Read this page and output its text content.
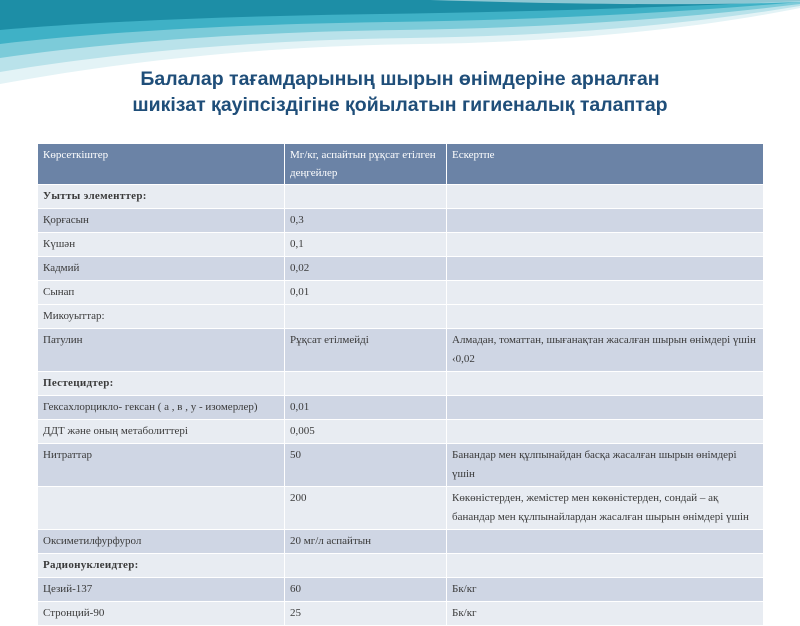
Балалар тағамдарының шырын өнімдеріне арналған
шикізат қауіпсіздігіне қойылатын гигиеналық талаптар
Көрсеткіштер	Мг/кг, аспайтын рұқсат етілген деңгейлер	Ескертпе
Уытты элементтер:		
Қорғасын	0,3	
Күшән	0,1	
Кадмий	0,02	
Сынап	0,01	
Микоуыттар:		
Патулин	Рұқсат етілмейді	Алмадан, томаттан, шығанақтан жасалған шырын өнімдері үшін ‹0,02
Пестецидтер:		
Гексахлорцикло- гексан ( а , в , у - изомерлер)	0,01	
ДДТ және оның метаболиттері	0,005	
Нитраттар	50	Банандар мен құлпынайдан басқа жасалған шырын өнімдері үшін
	200	Көкөністерден, жемістер мен көкөністерден, сондай – ақ банандар мен құлпынайлардан жасалған шырын өнімдері үшін
Оксиметилфурфурол	20 мг/л аспайтын	
Радионуклеидтер:		
Цезий-137	60	Бк/кг
Стронций-90	25	Бк/кг
